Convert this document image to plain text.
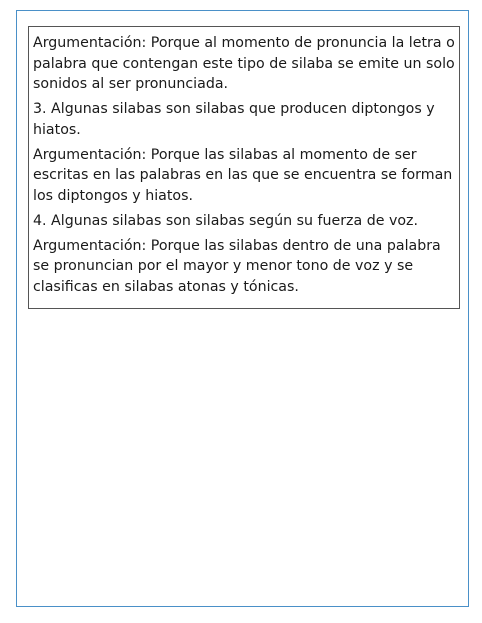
Argumentación: Porque al momento de pronuncia la letra o palabra que contengan este tipo de silaba se emite un solo sonidos al ser pronunciada.

3. Algunas silabas son silabas que producen diptongos y hiatos.

Argumentación: Porque las silabas al momento de ser escritas en las palabras en las que se encuentra se forman los diptongos y hiatos.

4. Algunas silabas son silabas según su fuerza de voz.

Argumentación: Porque las silabas dentro de una palabra se pronuncian por el mayor y menor tono de voz y se clasificas en silabas atonas y tónicas.
